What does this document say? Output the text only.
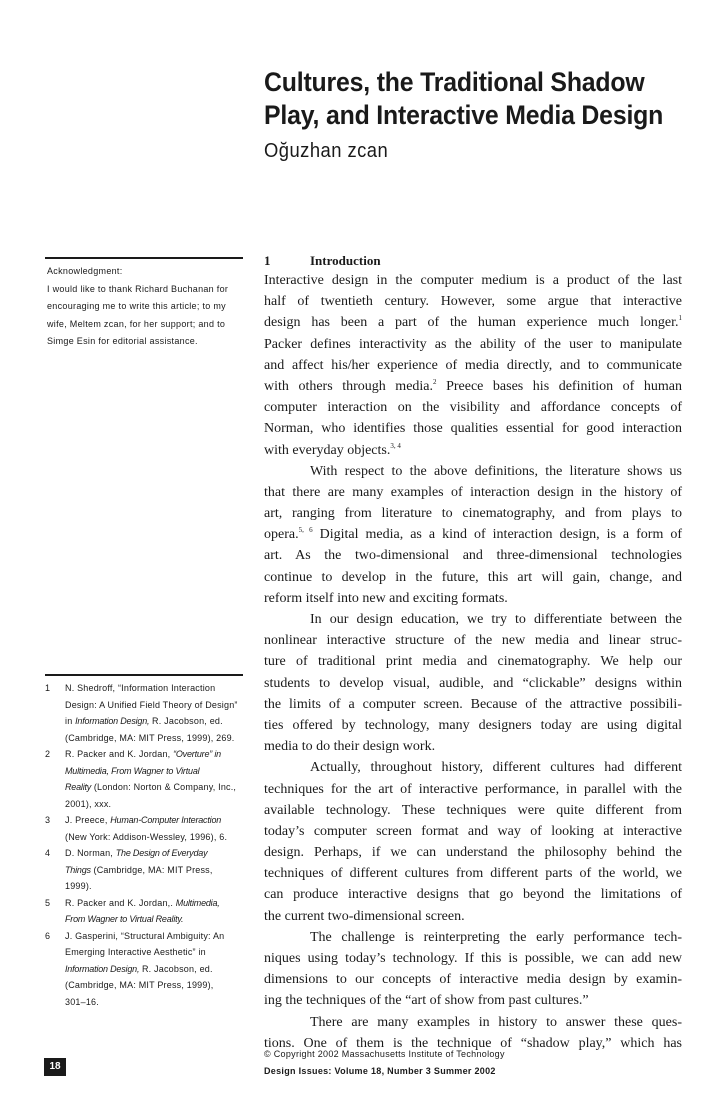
Cultures, the Traditional Shadow
Play, and Interactive Media Design
Oğuzhan zcan

Acknowledgment:

I would like to thank Richard Buchanan for

encouraging me to write this article; to my

wife, Meltem zcan, for her support; and to

Simge Esin for editorial assistance.

1 N. Shedroff, “Information Interaction
Design: A Unified Field Theory of Design”
in Information Design, R. Jacobson, ed.
(Cambridge, MA: MIT Press, 1999), 269.
2 R. Packer and K. Jordan, “Overture” in
Multimedia, From Wagner to Virtual
Reality (London: Norton & Company, Inc.,
2001), xxx.
3 J. Preece, Human-Computer Interaction
(New York: Addison-Wessley, 1996), 6.
4 D. Norman, The Design of Everyday
Things (Cambridge, MA: MIT Press,
1999).
5 R. Packer and K. Jordan,. Multimedia,
From Wagner to Virtual Reality.
6 J. Gasperini, “Structural Ambiguity: An
Emerging Interactive Aesthetic” in
Information Design, R. Jacobson, ed.
(Cambridge, MA: MIT Press, 1999),
301–16.
1	Introduction
Interactive design in the computer medium is a product of the last
half of twentieth century. However, some argue that interactive
design has been a part of the human experience much longer.$^1$
Packer defines interactivity as the ability of the user to manipulate
and affect his/her experience of media directly, and to communicate
with others through media.$^2$ Preece bases his definition of human
computer interaction on the visibility and affordance concepts of
Norman, who identifies those qualities essential for good interaction
with everyday objects.$^{3, 4}$
With respect to the above definitions, the literature shows us
that there are many examples of interaction design in the history of
art, ranging from literature to cinematography, and from plays to
opera.$^{5, 6}$ Digital media, as a kind of interaction design, is a form of
art. As the two-dimensional and three-dimensional technologies
continue to develop in the future, this art will gain, change, and
reform itself into new and exciting formats.
In our design education, we try to differentiate between the
nonlinear interactive structure of the new media and linear struc-
ture of traditional print media and cinematography. We help our
students to develop visual, audible, and “clickable” designs within
the limits of a computer screen. Because of the attractive possibili-
ties offered by technology, many designers today are using digital
media to do their design work.
Actually, throughout history, different cultures had different
techniques for the art of interactive performance, in parallel with the
available technology. These techniques were quite different from
today’s computer screen format and way of looking at interactive
design. Perhaps, if we can understand the philosophy behind the
techniques of different cultures from different parts of the world, we
can produce interactive designs that go beyond the limitations of
the current two-dimensional screen.
The challenge is reinterpreting the early performance tech-
niques using today’s technology. If this is possible, we can add new
dimensions to our concepts of interactive media design by examin-
ing the techniques of the “art of show from past cultures.”
There are many examples in history to answer these ques-
tions. One of them is the technique of “shadow play,” which has
© Copyright 2002 Massachusetts Institute of Technology
Design Issues: Volume 18, Number 3 Summer 2002
18
